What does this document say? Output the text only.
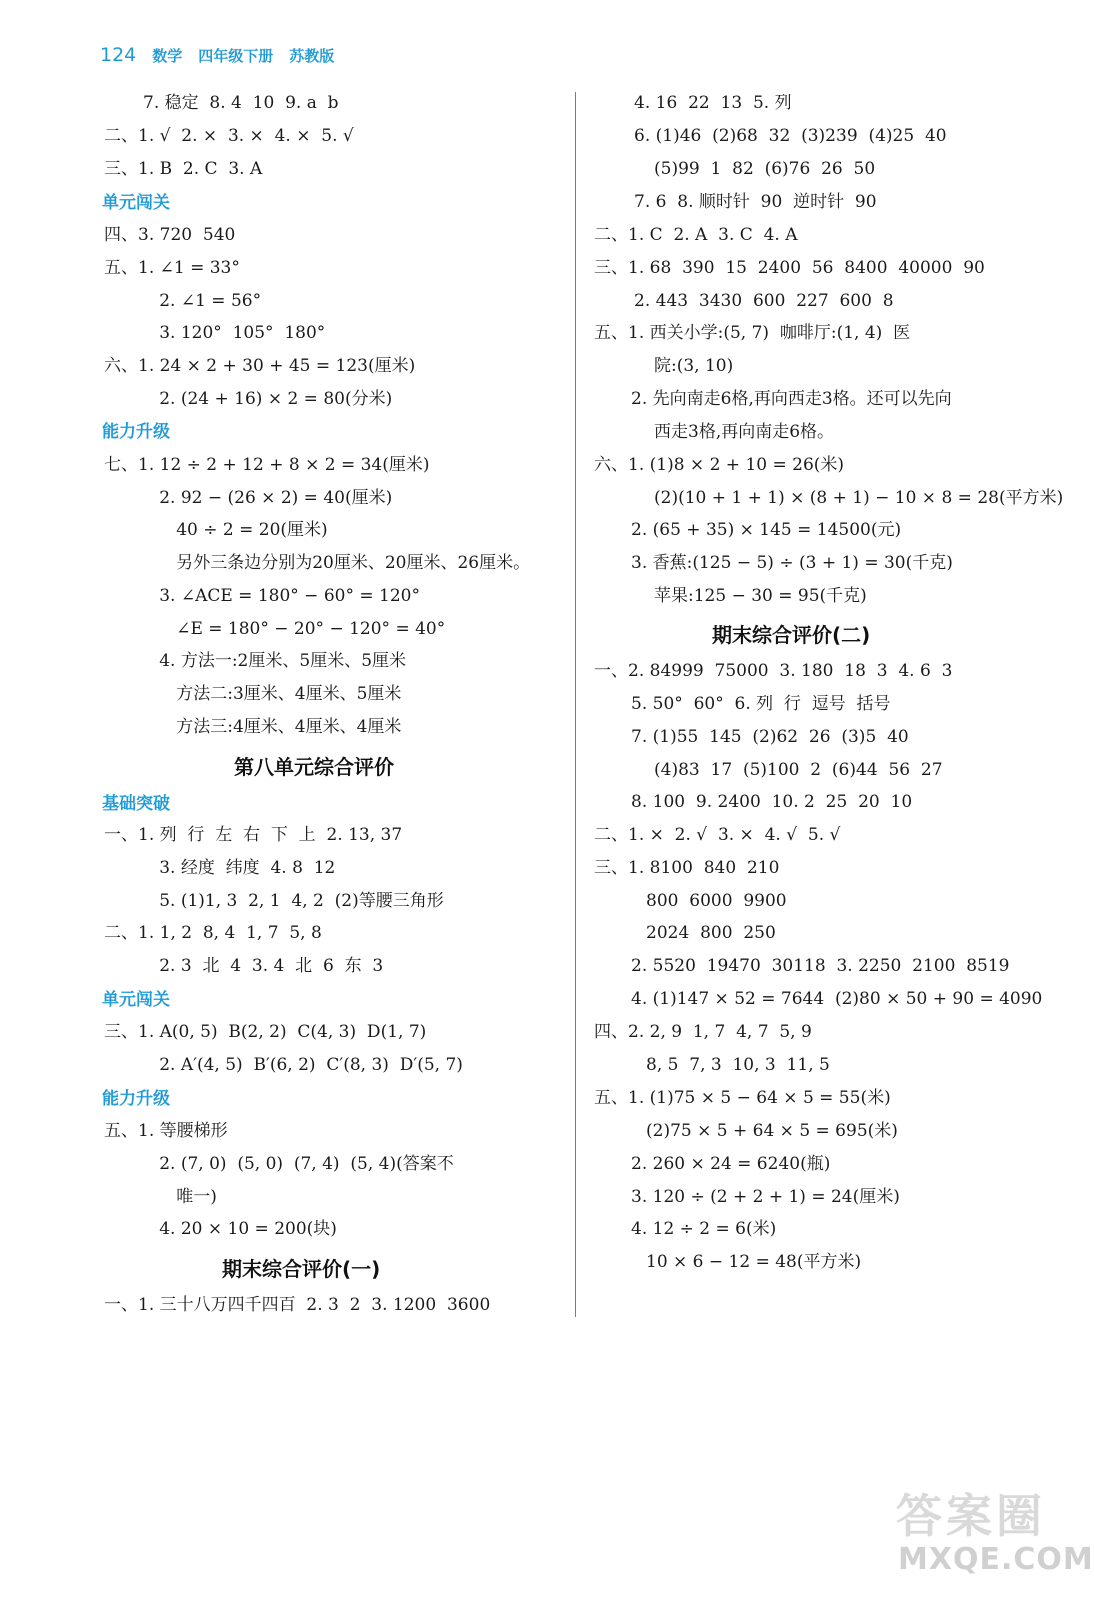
124 数学 四年级下册 苏教版
7. 稳定  8. 4  10  9. a  b
二、1. √  2. ×  3. ×  4. ×  5. √
三、1. B  2. C  3. A
单元闯关
四、3. 720  540
五、1. ∠1 = 33°
2. ∠1 = 56°
3. 120°  105°  180°
六、1. 24 × 2 + 30 + 45 = 123(厘米)
2. (24 + 16) × 2 = 80(分米)
能力升级
七、1. 12 ÷ 2 + 12 + 8 × 2 = 34(厘米)
2. 92 − (26 × 2) = 40(厘米)
40 ÷ 2 = 20(厘米)
另外三条边分别为20厘米、20厘米、26厘米。
3. ∠ACE = 180° − 60° = 120°
∠E = 180° − 20° − 120° = 40°
4. 方法一:2厘米、5厘米、5厘米
方法二:3厘米、4厘米、5厘米
方法三:4厘米、4厘米、4厘米
第八单元综合评价
基础突破
一、1. 列  行  左  右  下  上  2. 13, 37
3. 经度  纬度  4. 8  12
5. (1)1, 3  2, 1  4, 2  (2)等腰三角形
二、1. 1, 2  8, 4  1, 7  5, 8
2. 3  北  4  3. 4  北  6  东  3
单元闯关
三、1. A(0, 5)  B(2, 2)  C(4, 3)  D(1, 7)
2. A′(4, 5)  B′(6, 2)  C′(8, 3)  D′(5, 7)
能力升级
五、1. 等腰梯形
2. (7, 0)  (5, 0)  (7, 4)  (5, 4)(答案不
唯一)
4. 20 × 10 = 200(块)
期末综合评价(一)
一、1. 三十八万四千四百  2. 3  2  3. 1200  3600
4. 16  22  13  5. 列
6. (1)46  (2)68  32  (3)239  (4)25  40
(5)99  1  82  (6)76  26  50
7. 6  8. 顺时针  90  逆时针  90
二、1. C  2. A  3. C  4. A
三、1. 68  390  15  2400  56  8400  40000  90
2. 443  3430  600  227  600  8
五、1. 西关小学:(5, 7)  咖啡厅:(1, 4)  医
院:(3, 10)
2. 先向南走6格,再向西走3格。还可以先向
西走3格,再向南走6格。
六、1. (1)8 × 2 + 10 = 26(米)
(2)(10 + 1 + 1) × (8 + 1) − 10 × 8 = 28(平方米)
2. (65 + 35) × 145 = 14500(元)
3. 香蕉:(125 − 5) ÷ (3 + 1) = 30(千克)
苹果:125 − 30 = 95(千克)
期末综合评价(二)
一、2. 84999  75000  3. 180  18  3  4. 6  3
5. 50°  60°  6. 列  行  逗号  括号
7. (1)55  145  (2)62  26  (3)5  40
(4)83  17  (5)100  2  (6)44  56  27
8. 100  9. 2400  10. 2  25  20  10
二、1. ×  2. √  3. ×  4. √  5. √
三、1. 8100  840  210
800  6000  9900
2024  800  250
2. 5520  19470  30118  3. 2250  2100  8519
4. (1)147 × 52 = 7644  (2)80 × 50 + 90 = 4090
四、2. 2, 9  1, 7  4, 7  5, 9
8, 5  7, 3  10, 3  11, 5
五、1. (1)75 × 5 − 64 × 5 = 55(米)
(2)75 × 5 + 64 × 5 = 695(米)
2. 260 × 24 = 6240(瓶)
3. 120 ÷ (2 + 2 + 1) = 24(厘米)
4. 12 ÷ 2 = 6(米)
10 × 6 − 12 = 48(平方米)
答案圈
MXQE.COM
